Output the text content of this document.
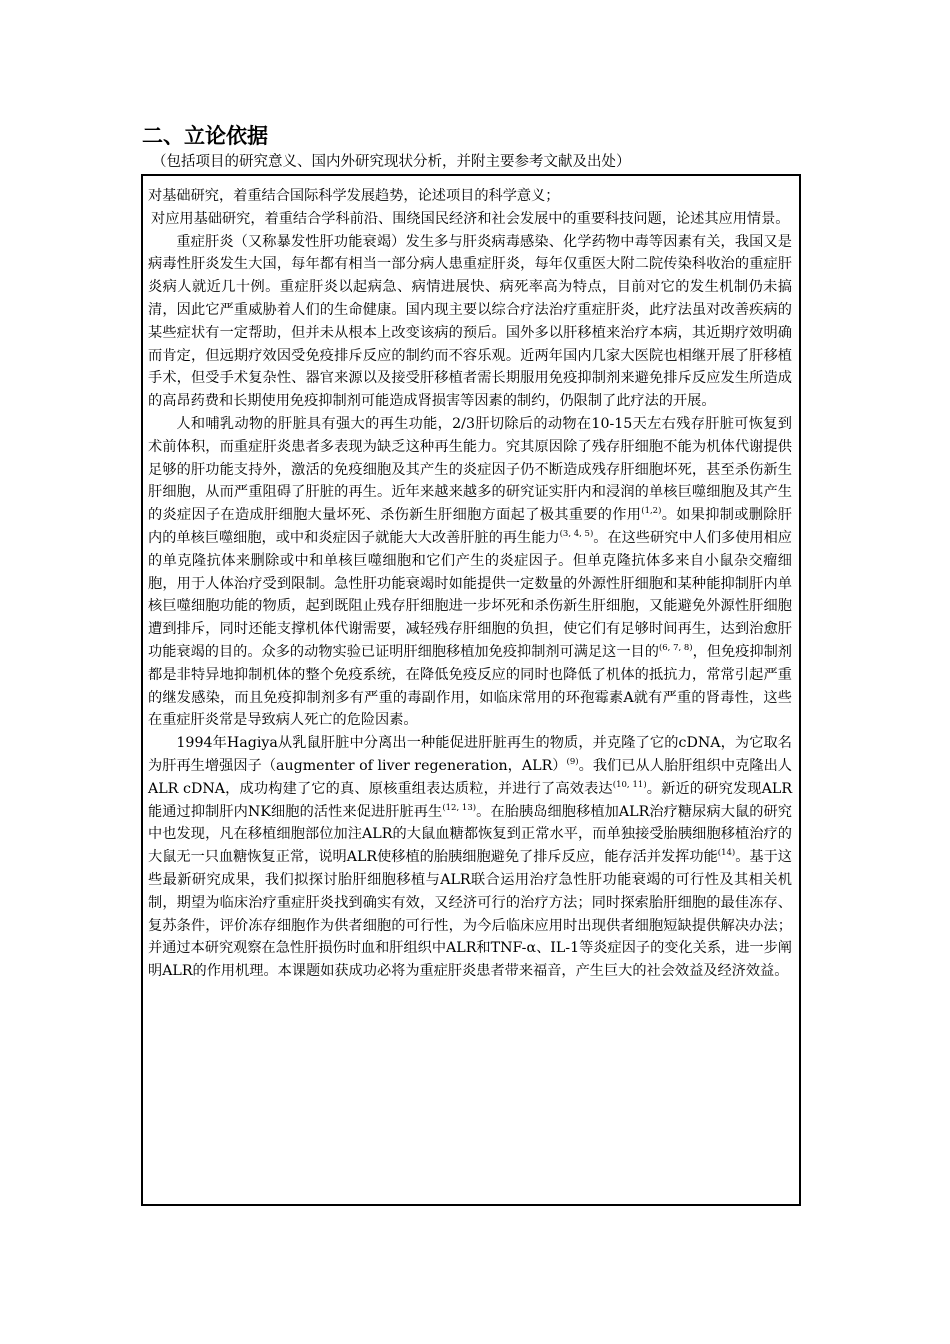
二、立论依据

（包括项目的研究意义、国内外研究现状分析，并附主要参考文献及出处）

对基础研究，着重结合国际科学发展趋势，论述项目的科学意义；

对应用基础研究，着重结合学科前沿、围绕国民经济和社会发展中的重要科技问题，论述其应用情景。

重症肝炎（又称暴发性肝功能衰竭）发生多与肝炎病毒感染、化学药物中毒等因素有关，我国又是病毒性肝炎发生大国，每年都有相当一部分病人患重症肝炎，每年仅重医大附二院传染科收治的重症肝炎病人就近几十例。重症肝炎以起病急、病情进展快、病死率高为特点，目前对它的发生机制仍未搞清，因此它严重威胁着人们的生命健康。国内现主要以综合疗法治疗重症肝炎，此疗法虽对改善疾病的某些症状有一定帮助，但并未从根本上改变该病的预后。国外多以肝移植来治疗本病，其近期疗效明确而肯定，但远期疗效因受免疫排斥反应的制约而不容乐观。近两年国内几家大医院也相继开展了肝移植手术，但受手术复杂性、器官来源以及接受肝移植者需长期服用免疫抑制剂来避免排斥反应发生所造成的高昂药费和长期使用免疫抑制剂可能造成肾损害等因素的制约，仍限制了此疗法的开展。

人和哺乳动物的肝脏具有强大的再生功能，2/3肝切除后的动物在10-15天左右残存肝脏可恢复到术前体积，而重症肝炎患者多表现为缺乏这种再生能力。究其原因除了残存肝细胞不能为机体代谢提供足够的肝功能支持外，激活的免疫细胞及其产生的炎症因子仍不断造成残存肝细胞坏死，甚至杀伤新生肝细胞，从而严重阻碍了肝脏的再生。近年来越来越多的研究证实肝内和浸润的单核巨噬细胞及其产生的炎症因子在造成肝细胞大量坏死、杀伤新生肝细胞方面起了极其重要的作用$^{(1,2)}$。如果抑制或删除肝内的单核巨噬细胞，或中和炎症因子就能大大改善肝脏的再生能力$^{(3, 4, 5)}$。在这些研究中人们多使用相应的单克隆抗体来删除或中和单核巨噬细胞和它们产生的炎症因子。但单克隆抗体多来自小鼠杂交瘤细胞，用于人体治疗受到限制。急性肝功能衰竭时如能提供一定数量的外源性肝细胞和某种能抑制肝内单核巨噬细胞功能的物质，起到既阻止残存肝细胞进一步坏死和杀伤新生肝细胞，又能避免外源性肝细胞遭到排斥，同时还能支撑机体代谢需要，减轻残存肝细胞的负担，使它们有足够时间再生，达到治愈肝功能衰竭的目的。众多的动物实验已证明肝细胞移植加免疫抑制剂可满足这一目的$^{(6, 7, 8)}$，但免疫抑制剂都是非特异地抑制机体的整个免疫系统，在降低免疫反应的同时也降低了机体的抵抗力，常常引起严重的继发感染，而且免疫抑制剂多有严重的毒副作用，如临床常用的环孢霉素A就有严重的肾毒性，这些在重症肝炎常是导致病人死亡的危险因素。

1994年Hagiya从乳鼠肝脏中分离出一种能促进肝脏再生的物质，并克隆了它的cDNA，为它取名为肝再生增强因子（augmenter of liver regeneration，ALR）$^{(9)}$。我们已从人胎肝组织中克隆出人ALR cDNA，成功构建了它的真、原核重组表达质粒，并进行了高效表达$^{(10, 11)}$。新近的研究发现ALR能通过抑制肝内NK细胞的活性来促进肝脏再生$^{(12, 13)}$。在胎胰岛细胞移植加ALR治疗糖尿病大鼠的研究中也发现，凡在移植细胞部位加注ALR的大鼠血糖都恢复到正常水平，而单独接受胎胰细胞移植治疗的大鼠无一只血糖恢复正常，说明ALR使移植的胎胰细胞避免了排斥反应，能存活并发挥功能$^{(14)}$。基于这些最新研究成果，我们拟探讨胎肝细胞移植与ALR联合运用治疗急性肝功能衰竭的可行性及其相关机制，期望为临床治疗重症肝炎找到确实有效，又经济可行的治疗方法；同时探索胎肝细胞的最佳冻存、复苏条件，评价冻存细胞作为供者细胞的可行性，为今后临床应用时出现供者细胞短缺提供解决办法；并通过本研究观察在急性肝损伤时血和肝组织中ALR和TNF-α、IL-1等炎症因子的变化关系，进一步阐明ALR的作用机理。本课题如获成功必将为重症肝炎患者带来福音，产生巨大的社会效益及经济效益。
